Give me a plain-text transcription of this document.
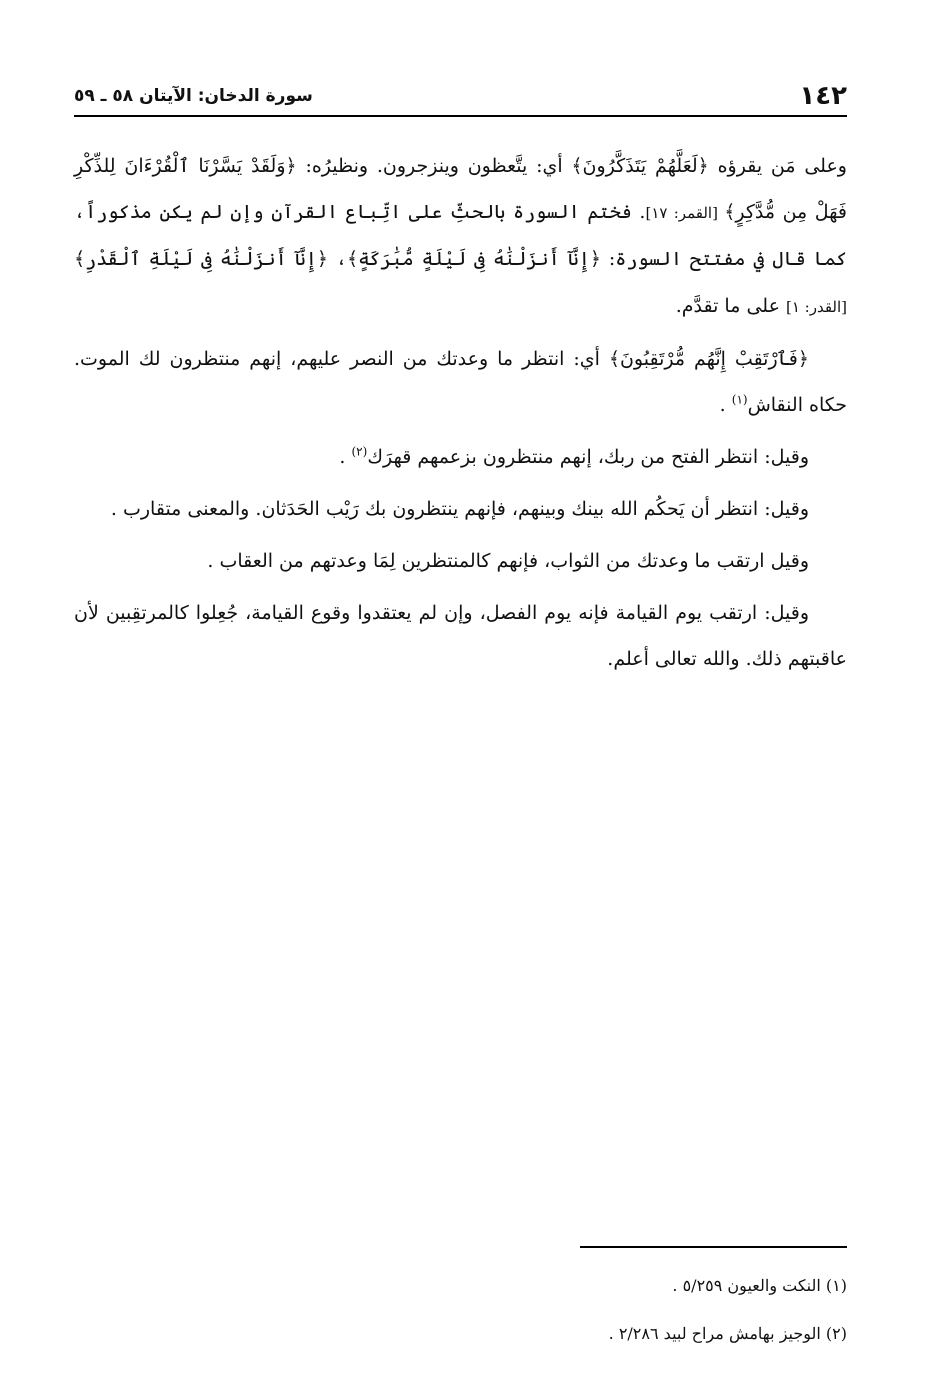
١٤٢
سورة الدخان: الآيتان ٥٨ ـ ٥٩

وعلى مَن يقرؤه ﴿لَعَلَّهُمْ يَتَذَكَّرُونَ﴾ أي: يتَّعظون وينزجرون. ونظيرُه: ﴿وَلَقَدْ يَسَّرْنَا ٱلْقُرْءَانَ لِلذِّكْرِ فَهَلْ مِن مُّدَّكِرٍ﴾ [القمر: ١٧]. فختم السورة بالحثِّ على اتِّباع القرآن وإن لم يكن مذكوراً، كما قال في مفتتح السورة: ﴿إِنَّآ أَنزَلْنَٰهُ فِى لَيْلَةٍ مُّبَٰرَكَةٍ﴾، ﴿إِنَّآ أَنزَلْنَٰهُ فِى لَيْلَةِ ٱلْقَدْرِ﴾ [القدر: ١] على ما تقدَّم.

﴿فَٱرْتَقِبْ إِنَّهُم مُّرْتَقِبُونَ﴾ أي: انتظر ما وعدتك من النصر عليهم، إنهم منتظرون لك الموت. حكاه النقاش$^{(١)}$ .

وقيل: انتظر الفتح من ربك، إنهم منتظرون بزعمهم قهرَك$^{(٢)}$ .

وقيل: انتظر أن يَحكُم الله بينك وبينهم، فإنهم ينتظرون بك رَيْب الحَدَثان. والمعنى متقارب .

وقيل ارتقب ما وعدتك من الثواب، فإنهم كالمنتظرين لِمَا وعدتهم من العقاب .

وقيل: ارتقب يوم القيامة فإنه يوم الفصل، وإن لم يعتقدوا وقوع القيامة، جُعِلوا كالمرتقِبين لأن عاقبتهم ذلك. والله تعالى أعلم.

(١) النكت والعيون ٥/٢٥٩ .

(٢) الوجيز بهامش مراح لبيد ٢/٢٨٦ .
